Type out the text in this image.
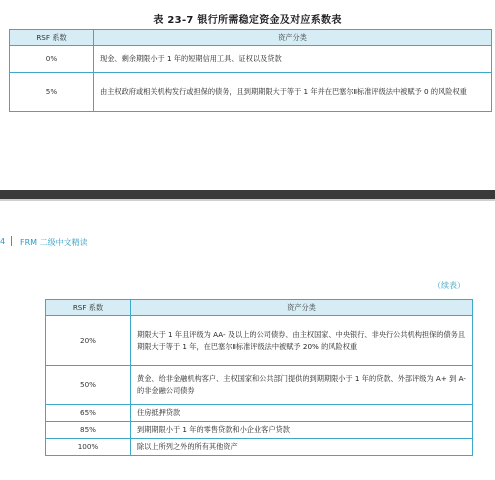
表 23-7 银行所需稳定资金及对应系数表
RSF 系数	资产分类
0%	现金、剩余期限小于 1 年的短期信用工具、证权以及贷款
5%	由主权政府或相关机构发行或担保的债务，且到期期限大于等于 1 年并在巴塞尔Ⅱ标准评级法中被赋予 0 的风险权重
4 FRM 二级中文精读
（续表）
RSF 系数	资产分类
20%	期限大于 1 年且评级为 AA- 及以上的公司债券、由主权国家、中央银行、非央行公共机构担保的债务且期限大于等于 1 年，在巴塞尔Ⅱ标准评级法中被赋予 20% 的风险权重
50%	黄金、给非金融机构客户、主权国家和公共部门提供的到期期限小于 1 年的贷款、外部评级为 A+ 到 A- 的非金融公司债券
65%	住房抵押贷款
85%	到期期限小于 1 年的零售贷款和小企业客户贷款
100%	除以上所列之外的所有其他资产
